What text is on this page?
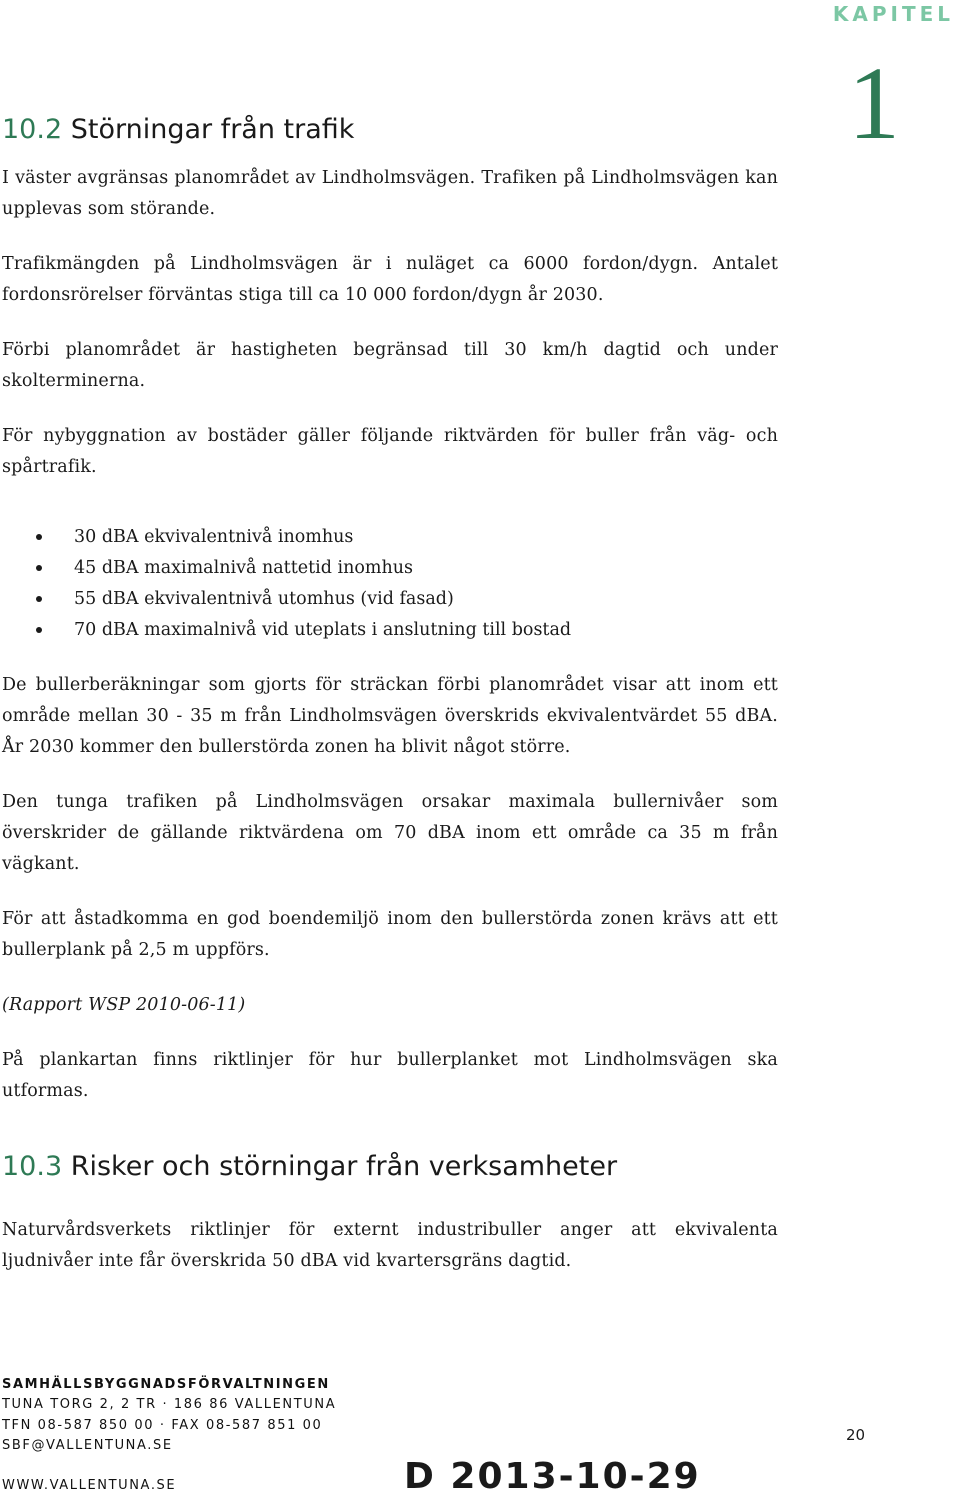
KAPITEL
1
10.2 Störningar från trafik

I väster avgränsas planområdet av Lindholmsvägen. Trafiken på Lindholmsvägen kan upplevas som störande.

Trafikmängden på Lindholmsvägen är i nuläget ca 6000 fordon/dygn. Antalet fordonsrörelser förväntas stiga till ca 10 000 fordon/dygn år 2030.

Förbi planområdet är hastigheten begränsad till 30 km/h dagtid och under skolterminerna.

För nybyggnation av bostäder gäller följande riktvärden för buller från väg- och spårtrafik.

30 dBA ekvivalentnivå inomhus
45 dBA maximalnivå nattetid inomhus
55 dBA ekvivalentnivå utomhus (vid fasad)
70 dBA maximalnivå vid uteplats i anslutning till bostad

De bullerberäkningar som gjorts för sträckan förbi planområdet visar att inom ett område mellan 30 - 35 m från Lindholmsvägen överskrids ekvivalentvärdet 55 dBA. År 2030 kommer den bullerstörda zonen ha blivit något större.

Den tunga trafiken på Lindholmsvägen orsakar maximala bullernivåer som överskrider de gällande riktvärdena om 70 dBA inom ett område ca 35 m från vägkant.

För att åstadkomma en god boendemiljö inom den bullerstörda zonen krävs att ett bullerplank på 2,5 m uppförs.

(Rapport WSP 2010-06-11)

På plankartan finns riktlinjer för hur bullerplanket mot Lindholmsvägen ska utformas.

10.3 Risker och störningar från verksamheter

Naturvårdsverkets riktlinjer för externt industribuller anger att ekvivalenta ljudnivåer inte får överskrida 50 dBA vid kvartersgräns dagtid.

SAMHÄLLSBYGGNADSFÖRVALTNINGEN
TUNA TORG 2, 2 TR · 186 86 VALLENTUNA
TFN 08-587 850 00 · FAX 08-587 851 00
SBF@VALLENTUNA.SE
WWW.VALLENTUNA.SE
20
D 2013-10-29
